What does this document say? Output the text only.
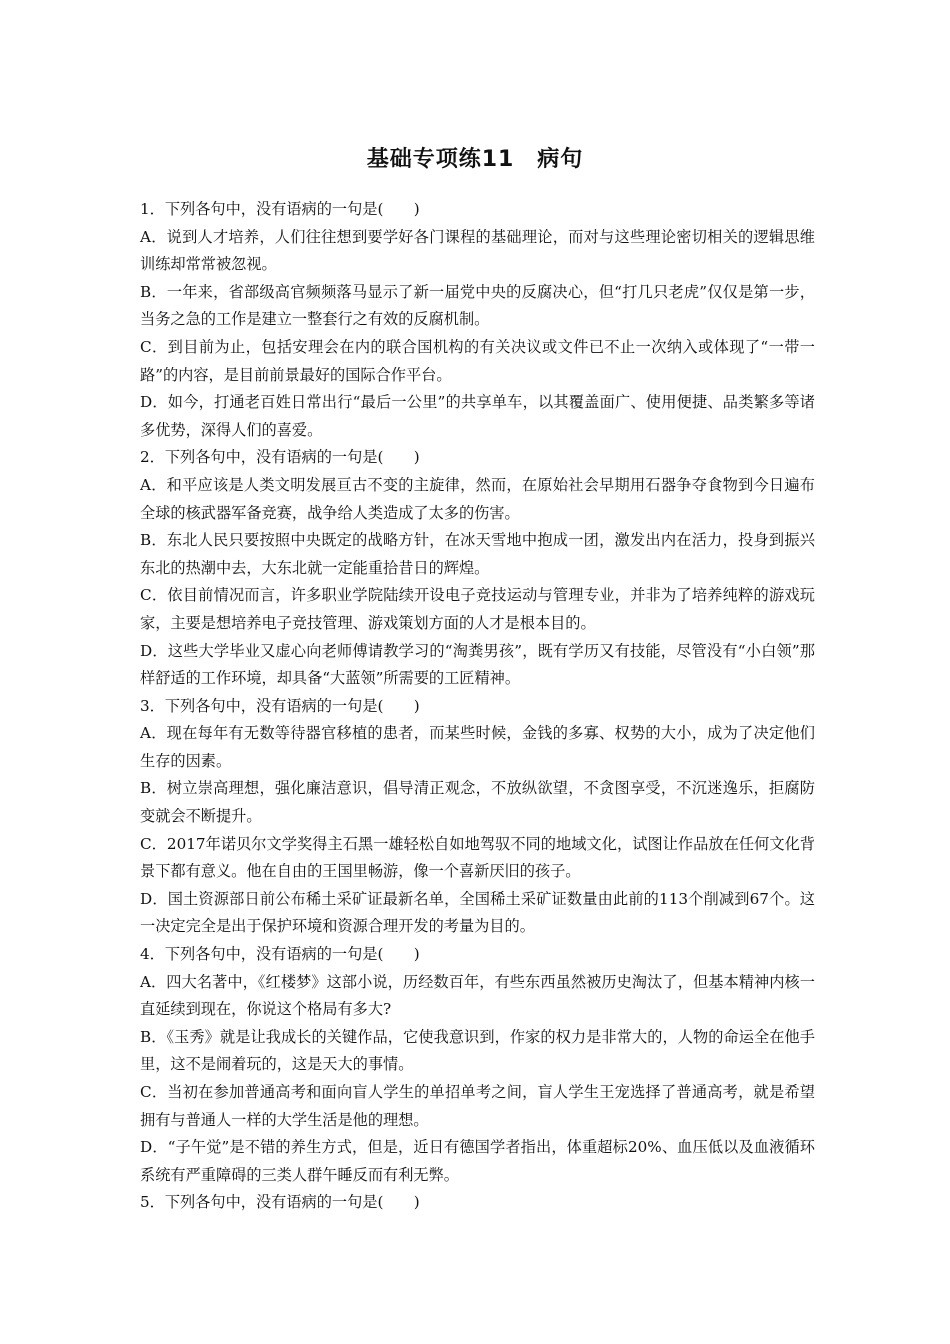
基础专项练11　病句

1．下列各句中，没有语病的一句是(　　)

A．说到人才培养，人们往往想到要学好各门课程的基础理论，而对与这些理论密切相关的逻辑思维训练却常常被忽视。

B．一年来，省部级高官频频落马显示了新一届党中央的反腐决心，但“打几只老虎”仅仅是第一步，当务之急的工作是建立一整套行之有效的反腐机制。

C．到目前为止，包括安理会在内的联合国机构的有关决议或文件已不止一次纳入或体现了“一带一路”的内容，是目前前景最好的国际合作平台。

D．如今，打通老百姓日常出行“最后一公里”的共享单车，以其覆盖面广、使用便捷、品类繁多等诸多优势，深得人们的喜爱。

2．下列各句中，没有语病的一句是(　　)

A．和平应该是人类文明发展亘古不变的主旋律，然而，在原始社会早期用石器争夺食物到今日遍布全球的核武器军备竞赛，战争给人类造成了太多的伤害。

B．东北人民只要按照中央既定的战略方针，在冰天雪地中抱成一团，激发出内在活力，投身到振兴东北的热潮中去，大东北就一定能重拾昔日的辉煌。

C．依目前情况而言，许多职业学院陆续开设电子竞技运动与管理专业，并非为了培养纯粹的游戏玩家，主要是想培养电子竞技管理、游戏策划方面的人才是根本目的。

D．这些大学毕业又虚心向老师傅请教学习的“淘粪男孩”，既有学历又有技能，尽管没有“小白领”那样舒适的工作环境，却具备“大蓝领”所需要的工匠精神。

3．下列各句中，没有语病的一句是(　　)

A．现在每年有无数等待器官移植的患者，而某些时候，金钱的多寡、权势的大小，成为了决定他们生存的因素。

B．树立崇高理想，强化廉洁意识，倡导清正观念，不放纵欲望，不贪图享受，不沉迷逸乐，拒腐防变就会不断提升。

C．2017年诺贝尔文学奖得主石黑一雄轻松自如地驾驭不同的地域文化，试图让作品放在任何文化背景下都有意义。他在自由的王国里畅游，像一个喜新厌旧的孩子。

D．国土资源部日前公布稀土采矿证最新名单，全国稀土采矿证数量由此前的113个削减到67个。这一决定完全是出于保护环境和资源合理开发的考量为目的。

4．下列各句中，没有语病的一句是(　　)

A．四大名著中，《红楼梦》这部小说，历经数百年，有些东西虽然被历史淘汰了，但基本精神内核一直延续到现在，你说这个格局有多大?

B．《玉秀》就是让我成长的关键作品，它使我意识到，作家的权力是非常大的，人物的命运全在他手里，这不是闹着玩的，这是天大的事情。

C．当初在参加普通高考和面向盲人学生的单招单考之间，盲人学生王宠选择了普通高考，就是希望拥有与普通人一样的大学生活是他的理想。

D．“子午觉”是不错的养生方式，但是，近日有德国学者指出，体重超标20%、血压低以及血液循环系统有严重障碍的三类人群午睡反而有利无弊。

5．下列各句中，没有语病的一句是(　　)
